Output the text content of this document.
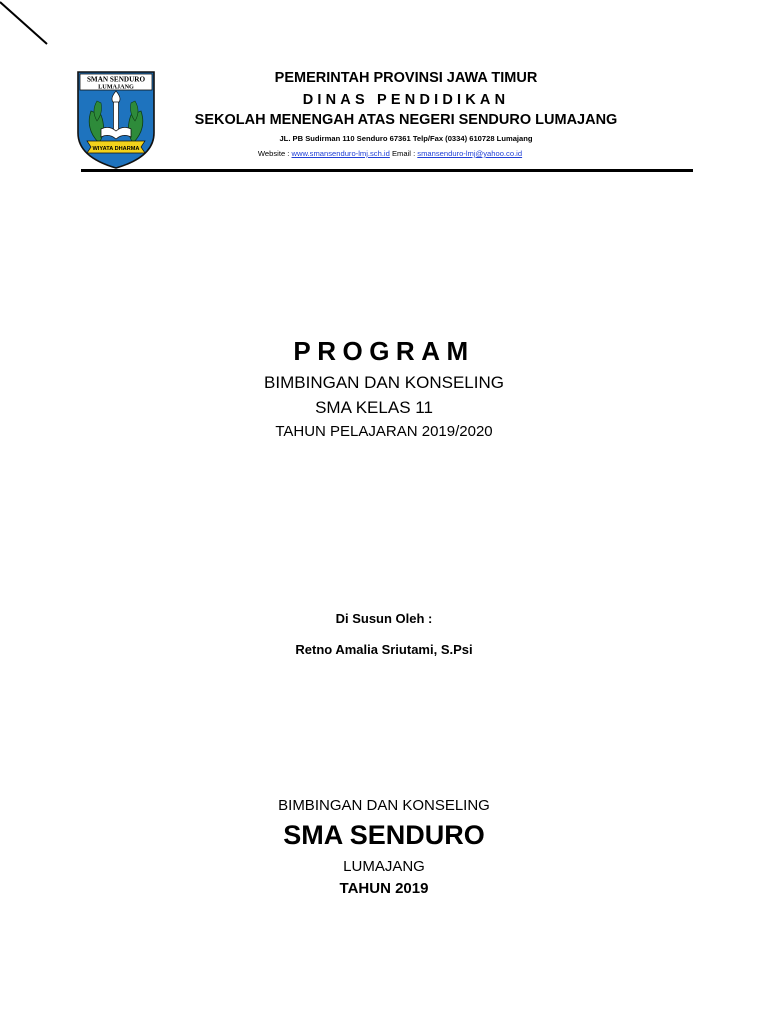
SMAN SENDURO
LUMAJANG
WIYATA DHARMA
PEMERINTAH PROVINSI JAWA TIMUR
DINAS PENDIDIKAN
SEKOLAH MENENGAH ATAS NEGERI SENDURO LUMAJANG
JL. PB Sudirman 110 Senduro 67361 Telp/Fax (0334) 610728 Lumajang
Website : www.smansenduro-lmj.sch.id Email : smansenduro-lmj@yahoo.co.id
PROGRAM
BIMBINGAN DAN KONSELING
SMA KELAS 11
TAHUN PELAJARAN 2019/2020
Di Susun Oleh :
Retno Amalia Sriutami, S.Psi
BIMBINGAN DAN KONSELING
SMA SENDURO
LUMAJANG
TAHUN 2019
